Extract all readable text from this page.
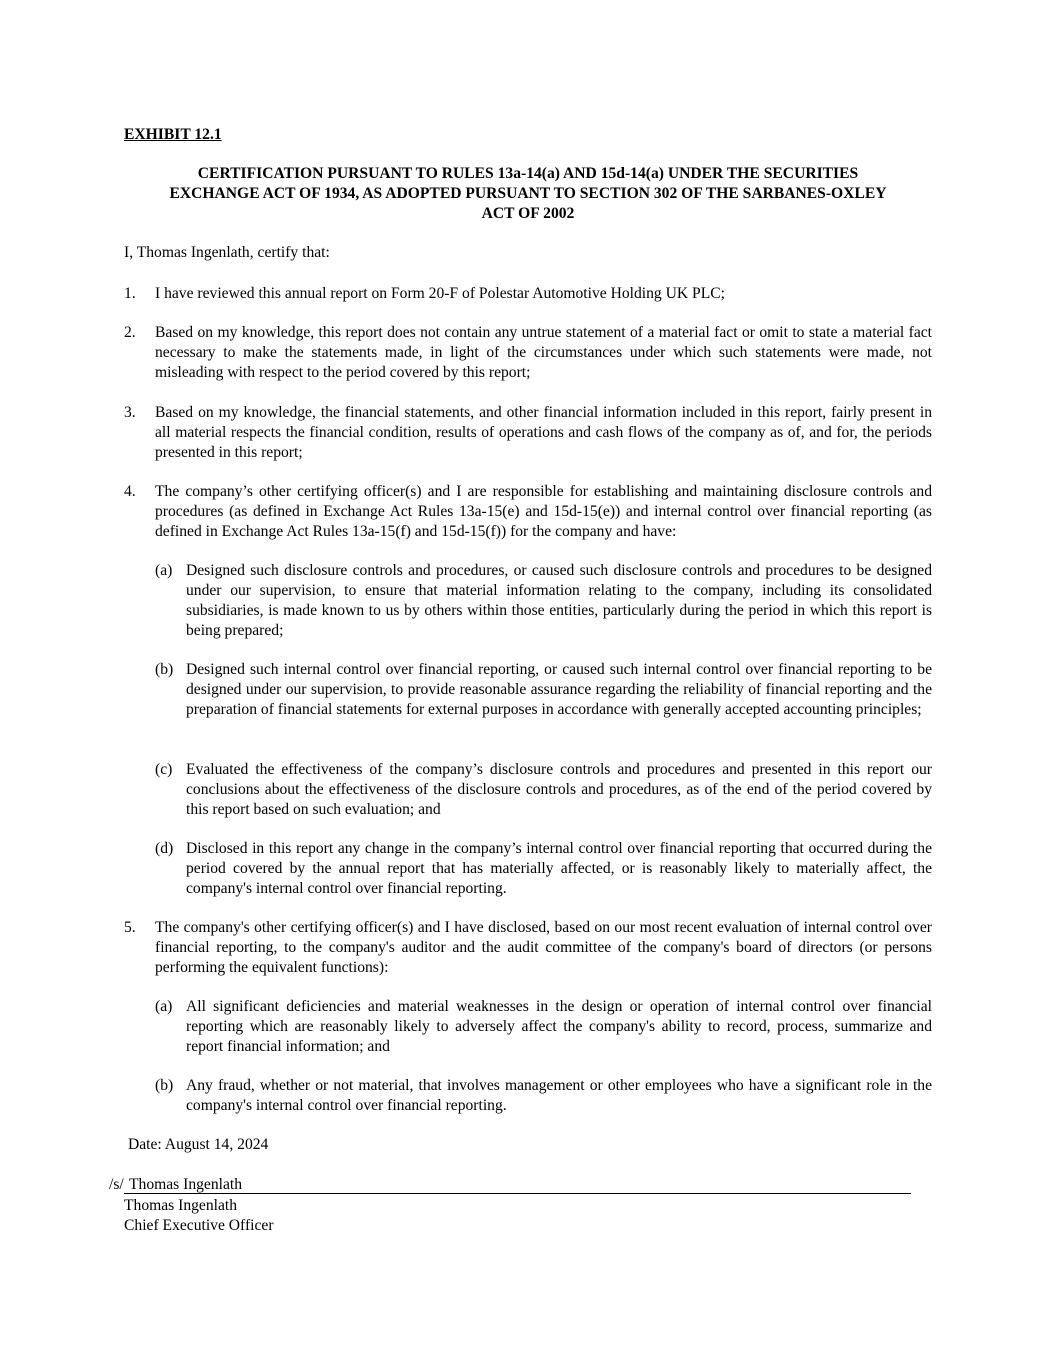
EXHIBIT 12.1

CERTIFICATION PURSUANT TO RULES 13a-14(a) AND 15d-14(a) UNDER THE SECURITIES
EXCHANGE ACT OF 1934, AS ADOPTED PURSUANT TO SECTION 302 OF THE SARBANES-OXLEY
ACT OF 2002

I, Thomas Ingenlath, certify that:

1. I have reviewed this annual report on Form 20-F of Polestar Automotive Holding UK PLC;
2. Based on my knowledge, this report does not contain any untrue statement of a material fact or omit to state a material fact necessary to make the statements made, in light of the circumstances under which such statements were made, not misleading with respect to the period covered by this report;
3. Based on my knowledge, the financial statements, and other financial information included in this report, fairly present in all material respects the financial condition, results of operations and cash flows of the company as of, and for, the periods presented in this report;
4. The company’s other certifying officer(s) and I are responsible for establishing and maintaining disclosure controls and procedures (as defined in Exchange Act Rules 13a-15(e) and 15d-15(e)) and internal control over financial reporting (as defined in Exchange Act Rules 13a-15(f) and 15d-15(f)) for the company and have:
(a) Designed such disclosure controls and procedures, or caused such disclosure controls and procedures to be designed under our supervision, to ensure that material information relating to the company, including its consolidated subsidiaries, is made known to us by others within those entities, particularly during the period in which this report is being prepared;
(b) Designed such internal control over financial reporting, or caused such internal control over financial reporting to be designed under our supervision, to provide reasonable assurance regarding the reliability of financial reporting and the preparation of financial statements for external purposes in accordance with generally accepted accounting principles;
(c) Evaluated the effectiveness of the company’s disclosure controls and procedures and presented in this report our conclusions about the effectiveness of the disclosure controls and procedures, as of the end of the period covered by this report based on such evaluation; and
(d) Disclosed in this report any change in the company’s internal control over financial reporting that occurred during the period covered by the annual report that has materially affected, or is reasonably likely to materially affect, the company's internal control over financial reporting.
5. The company's other certifying officer(s) and I have disclosed, based on our most recent evaluation of internal control over financial reporting, to the company's auditor and the audit committee of the company's board of directors (or persons performing the equivalent functions):
(a) All significant deficiencies and material weaknesses in the design or operation of internal control over financial reporting which are reasonably likely to adversely affect the company's ability to record, process, summarize and report financial information; and
(b) Any fraud, whether or not material, that involves management or other employees who have a significant role in the company's internal control over financial reporting.

Date: August 14, 2024

/s/ Thomas Ingenlath
Thomas Ingenlath
Chief Executive Officer
